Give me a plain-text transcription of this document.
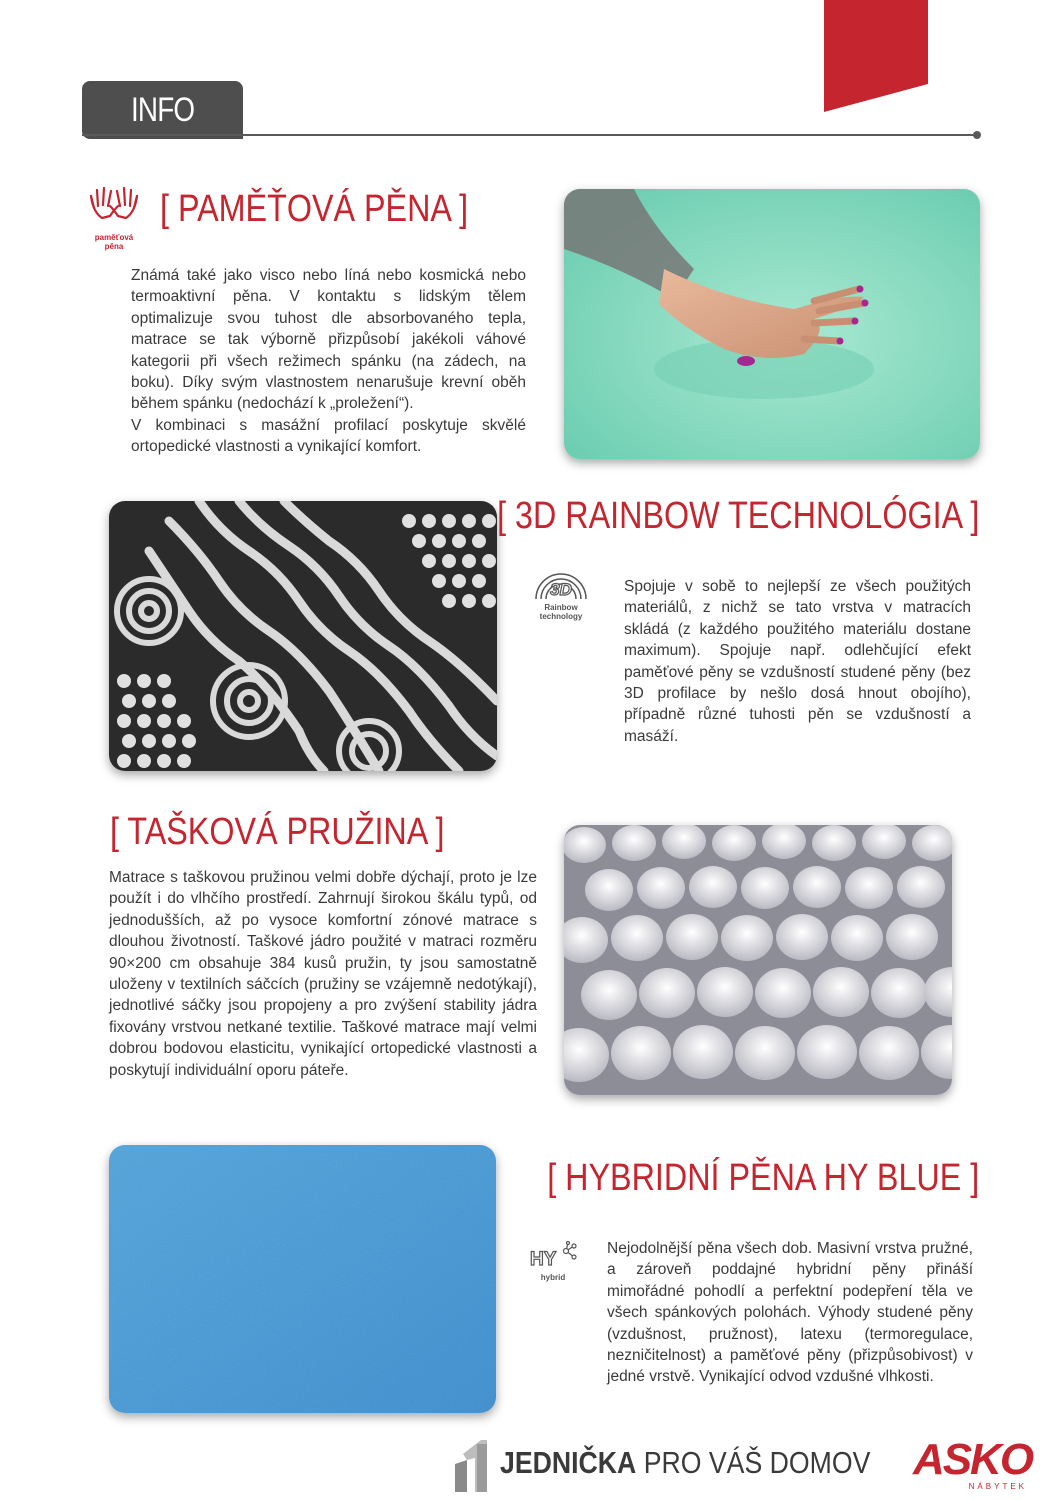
INFO
paměťová pěna
[ PAMĚŤOVÁ PĚNA ]

Známá také jako visco nebo líná nebo kosmická nebo termoaktivní pěna. V kontaktu s lidským tělem optimalizuje svou tuhost dle absorbovaného tepla, matrace se tak výborně přizpůsobí jakékoli váhové kategorii při všech režimech spánku (na zádech, na boku). Díky svým vlastnostem nenarušuje krevní oběh během spánku (nedochází k „proležení“).

V kombinaci s masážní profilací poskytuje skvělé ortopedické vlastnosti a vynikající komfort.

[ 3D RAINBOW TECHNOLÓGIA ]
3D
Rainbow technology

Spojuje v sobě to nejlepší ze všech použitých materiálů, z nichž se tato vrstva v matracích skládá (z každého použitého materiálu dostane maximum). Spojuje např. odlehčující efekt paměťové pěny se vzdušností studené pěny (bez 3D profilace by nešlo dosá hnout obojího), případně různé tuhosti pěn se vzdušností a masáží.

[ TAŠKOVÁ PRUŽINA ]

Matrace s taškovou pružinou velmi dobře dýchají, proto je lze použít i do vlhčího prostředí. Zahrnují širokou škálu typů, od jednodušších, až po vysoce komfortní zónové matrace s dlouhou životností. Taškové jádro použité v matraci rozměru 90×200 cm obsahuje 384 kusů pružin, ty jsou samostatně uloženy v textilních sáčcích (pružiny se vzájemně nedotýkají), jednotlivé sáčky jsou propojeny a pro zvýšení stability jádra fixovány vrstvou netkané textilie. Taškové matrace mají velmi dobrou bodovou elasticitu, vynikající ortopedické vlastnosti a poskytují individuální oporu páteře.

[ HYBRIDNÍ PĚNA HY BLUE ]
HY
hybrid

Nejodolnější pěna všech dob. Masivní vrstva pružné, a zároveň poddajné hybridní pěny přináší mimořádné pohodlí a perfektní podepření těla ve všech spánkových polohách. Výhody studené pěny (vzdušnost, pružnost), latexu (termoregulace, nezničitelnost) a paměťové pěny (přizpůsobivost) v jedné vrstvě. Vynikající odvod vzdušné vlhkosti.

JEDNIČKA PRO VÁŠ DOMOV ASKO
NÁBYTEK
